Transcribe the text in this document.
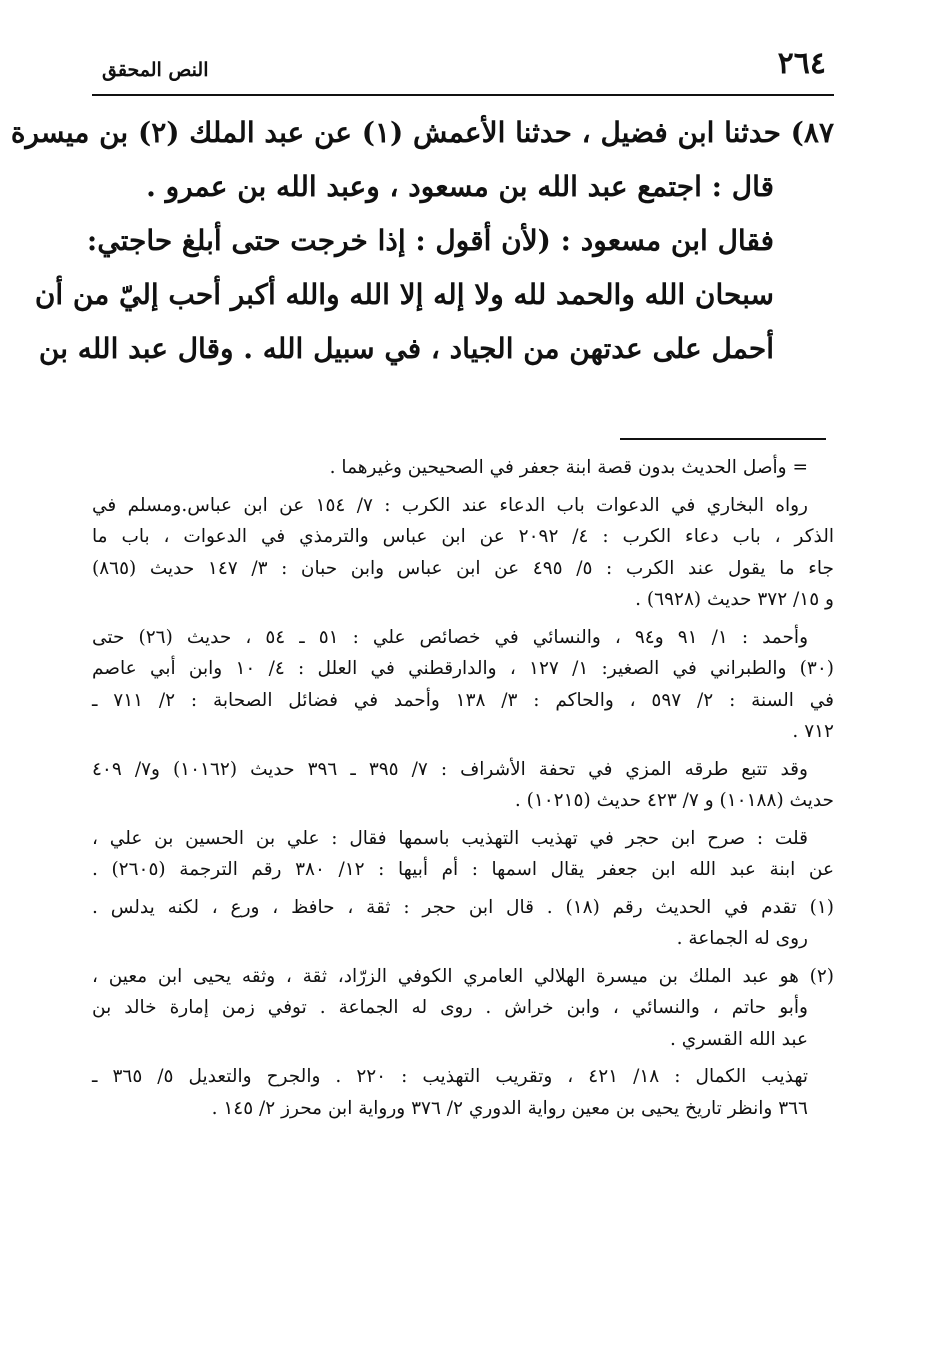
٢٦٤
النص المحقق
٨٧) حدثنا ابن فضيل ، حدثنا الأعمش (١) عن عبد الملك (٢) بن ميسرة
قال : اجتمع عبد الله بن مسعود ، وعبد الله بن عمرو .
فقال ابن مسعود : (لأن أقول : إذا خرجت حتى أبلغ حاجتي:
سبحان الله والحمد لله ولا إله إلا الله والله أكبر أحب إليّ من أن
أحمل على عدتهن من الجياد ، في سبيل الله . وقال عبد الله بن
= وأصل الحديث بدون قصة ابنة جعفر في الصحيحين وغيرهما .
رواه البخاري في الدعوات باب الدعاء عند الكرب : ٧/ ١٥٤ عن ابن عباس.ومسلم في
الذكر ، باب دعاء الكرب : ٤/ ٢٠٩٢ عن ابن عباس والترمذي في الدعوات ، باب ما
جاء ما يقول عند الكرب : ٥/ ٤٩٥ عن ابن عباس وابن حبان : ٣/ ١٤٧ حديث (٨٦٥)
و ١٥/ ٣٧٢ حديث (٦٩٢٨) .
وأحمد : ١/ ٩١ و٩٤ ، والنسائي في خصائص علي : ٥١ ـ ٥٤ ، حديث (٢٦) حتى
(٣٠) والطبراني في الصغير: ١/ ١٢٧ ، والدارقطني في العلل : ٤/ ١٠ وابن أبي عاصم
في السنة : ٢/ ٥٩٧ ، والحاكم : ٣/ ١٣٨ وأحمد في فضائل الصحابة : ٢/ ٧١١ ـ
٧١٢ .
وقد تتبع طرقه المزي في تحفة الأشراف : ٧/ ٣٩٥ ـ ٣٩٦ حديث (١٠١٦٢) و٧/ ٤٠٩
حديث (١٠١٨٨) و ٧/ ٤٢٣ حديث (١٠٢١٥) .
قلت : صرح ابن حجر في تهذيب التهذيب باسمها فقال : علي بن الحسين بن علي ،
عن ابنة عبد الله ابن جعفر يقال اسمها : أم أبيها : ١٢/ ٣٨٠ رقم الترجمة (٢٦٠٥) .
(١) تقدم في الحديث رقم (١٨) . قال ابن حجر : ثقة ، حافظ ، ورع ، لكنه يدلس .
روى له الجماعة .
(٢) هو عبد الملك بن ميسرة الهلالي العامري الكوفي الزرّاد، ثقة ، وثقه يحيى ابن معين ،
وأبو حاتم ، والنسائي ، وابن خراش . روى له الجماعة . توفي زمن إمارة خالد بن
عبد الله القسري .
تهذيب الكمال : ١٨/ ٤٢١ ، وتقريب التهذيب : ٢٢٠ . والجرح والتعديل ٥/ ٣٦٥ ـ
٣٦٦ وانظر تاريخ يحيى بن معين رواية الدوري ٢/ ٣٧٦ ورواية ابن محرز ٢/ ١٤٥ .
